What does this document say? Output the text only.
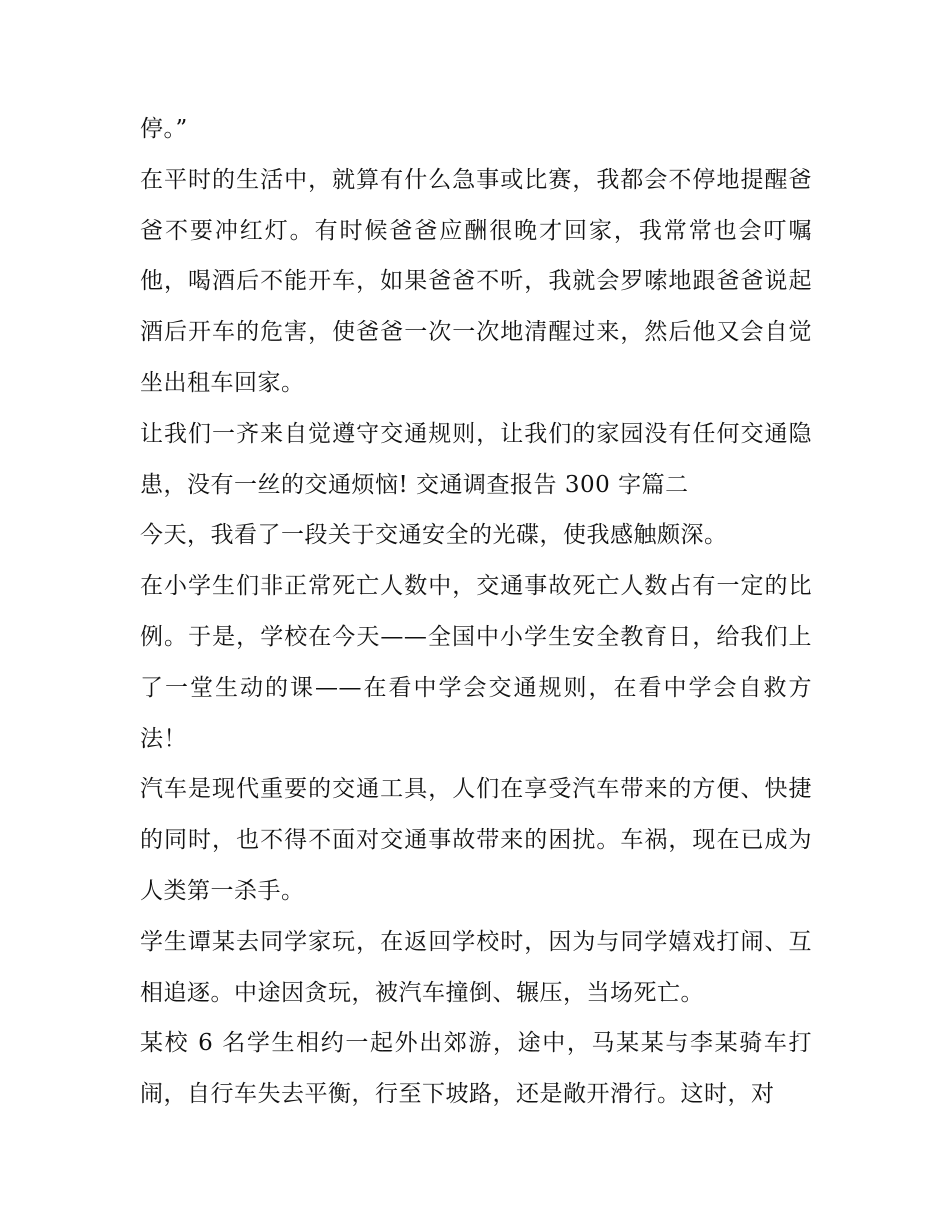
停。”

在平时的生活中，就算有什么急事或比赛，我都会不停地提醒爸爸不要冲红灯。有时候爸爸应酬很晚才回家，我常常也会叮嘱他，喝酒后不能开车，如果爸爸不听，我就会罗嗦地跟爸爸说起酒后开车的危害，使爸爸一次一次地清醒过来，然后他又会自觉坐出租车回家。

让我们一齐来自觉遵守交通规则，让我们的家园没有任何交通隐患，没有一丝的交通烦恼! 交通调查报告 300 字篇二

今天，我看了一段关于交通安全的光碟，使我感触颇深。

在小学生们非正常死亡人数中，交通事故死亡人数占有一定的比例。于是，学校在今天——全国中小学生安全教育日，给我们上了一堂生动的课——在看中学会交通规则，在看中学会自救方法！

汽车是现代重要的交通工具，人们在享受汽车带来的方便、快捷的同时，也不得不面对交通事故带来的困扰。车祸，现在已成为人类第一杀手。

学生谭某去同学家玩，在返回学校时，因为与同学嬉戏打闹、互相追逐。中途因贪玩，被汽车撞倒、辗压，当场死亡。

某校 6 名学生相约一起外出郊游，途中，马某某与李某骑车打闹，自行车失去平衡，行至下坡路，还是敞开滑行。这时，对
